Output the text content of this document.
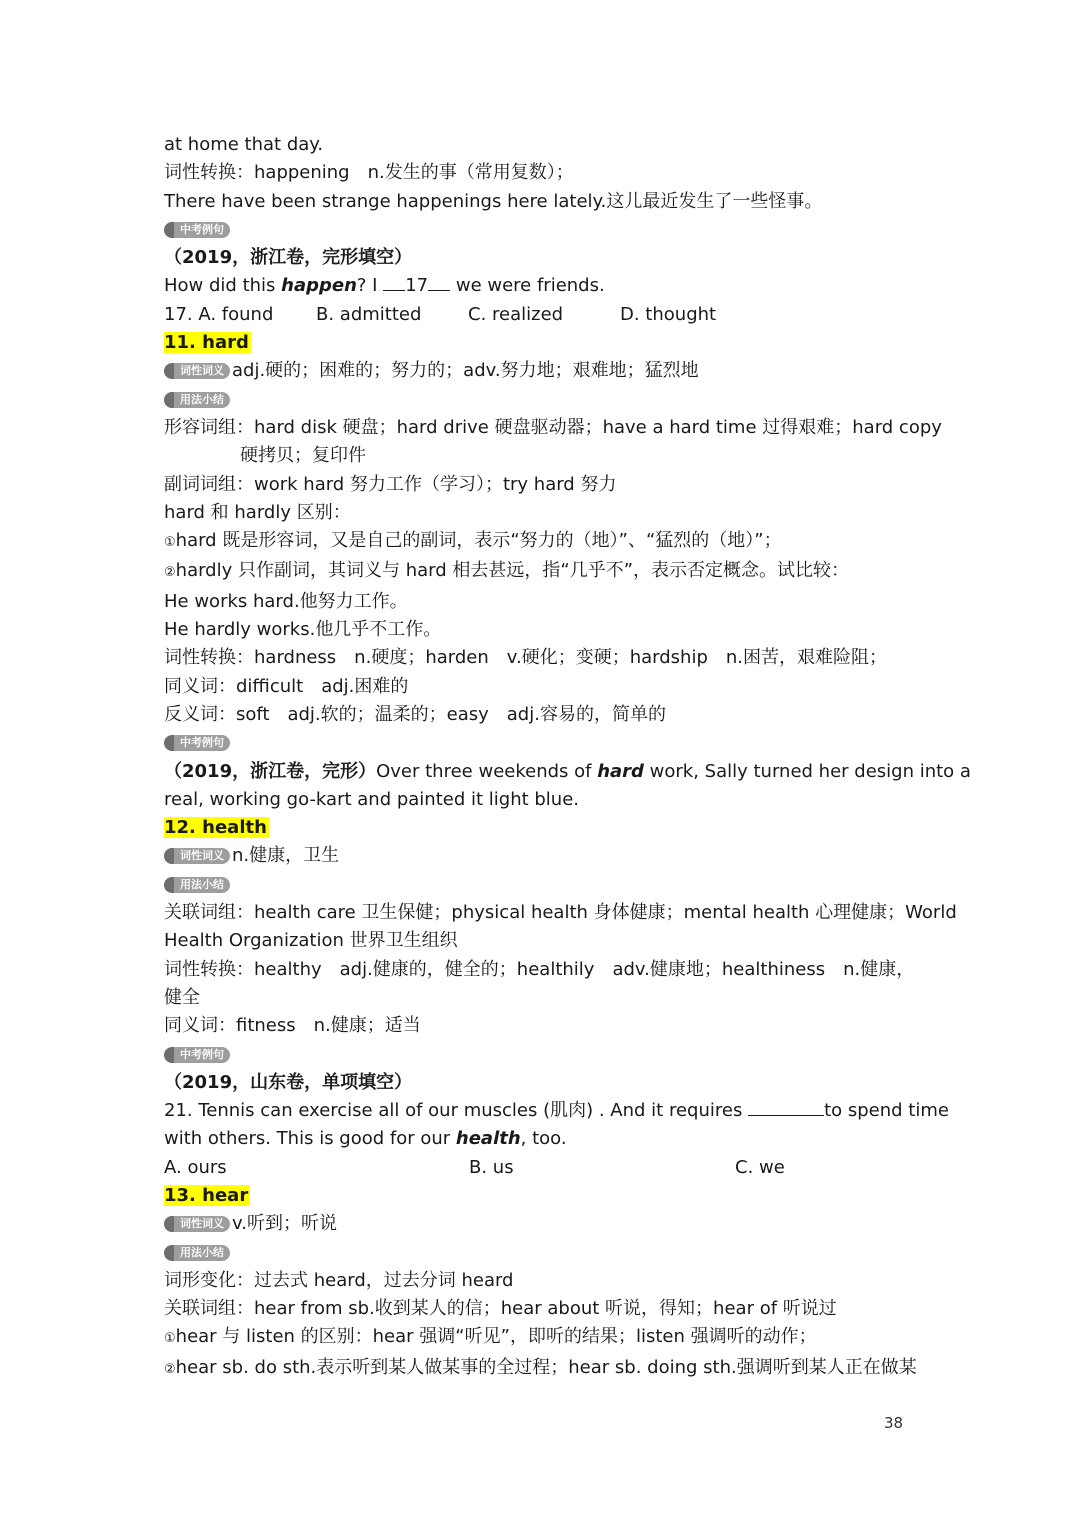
at home that day.
词性转换：happening　n.发生的事（常用复数）；
There have been strange happenings here lately.这儿最近发生了一些怪事。
中考例句
（2019，浙江卷，完形填空）
How did this happen? I 17 we were friends.
17. A. found	B. admitted	C. realized	D. thought
11. hard
词性词义 adj.硬的；困难的；努力的；adv.努力地；艰难地；猛烈地
用法小结
形容词组：hard disk 硬盘；hard drive 硬盘驱动器；have a hard time 过得艰难；hard copy
硬拷贝；复印件
副词词组：work hard 努力工作（学习）；try hard 努力
hard 和 hardly 区别：
①hard 既是形容词，又是自己的副词，表示“努力的（地）”、“猛烈的（地）”；
②hardly 只作副词，其词义与 hard 相去甚远，指“几乎不”，表示否定概念。试比较：
He works hard.他努力工作。
He hardly works.他几乎不工作。
词性转换：hardness　n.硬度；harden　v.硬化；变硬；hardship　n.困苦，艰难险阻；
同义词：difficult　adj.困难的
反义词：soft　adj.软的；温柔的；easy　adj.容易的，简单的
中考例句
（2019，浙江卷，完形）Over three weekends of hard work, Sally turned her design into a
real, working go-kart and painted it light blue.
12. health
词性词义 n.健康，卫生
用法小结
关联词组：health care 卫生保健；physical health 身体健康；mental health 心理健康；World
Health Organization 世界卫生组织
词性转换：healthy　adj.健康的，健全的；healthily　adv.健康地；healthiness　n.健康，
健全
同义词：fitness　n.健康；适当
中考例句
（2019，山东卷，单项填空）
21. Tennis can exercise all of our muscles (肌肉) . And it requires	to spend time
with others. This is good for our health, too.
A. ours	B. us	C. we
13. hear
词性词义 v.听到；听说
用法小结
词形变化：过去式 heard，过去分词 heard
关联词组：hear from sb.收到某人的信；hear about 听说，得知；hear of 听说过
①hear 与 listen 的区别：hear 强调“听见”，即听的结果；listen 强调听的动作；
②hear sb. do sth.表示听到某人做某事的全过程；hear sb. doing sth.强调听到某人正在做某
38
